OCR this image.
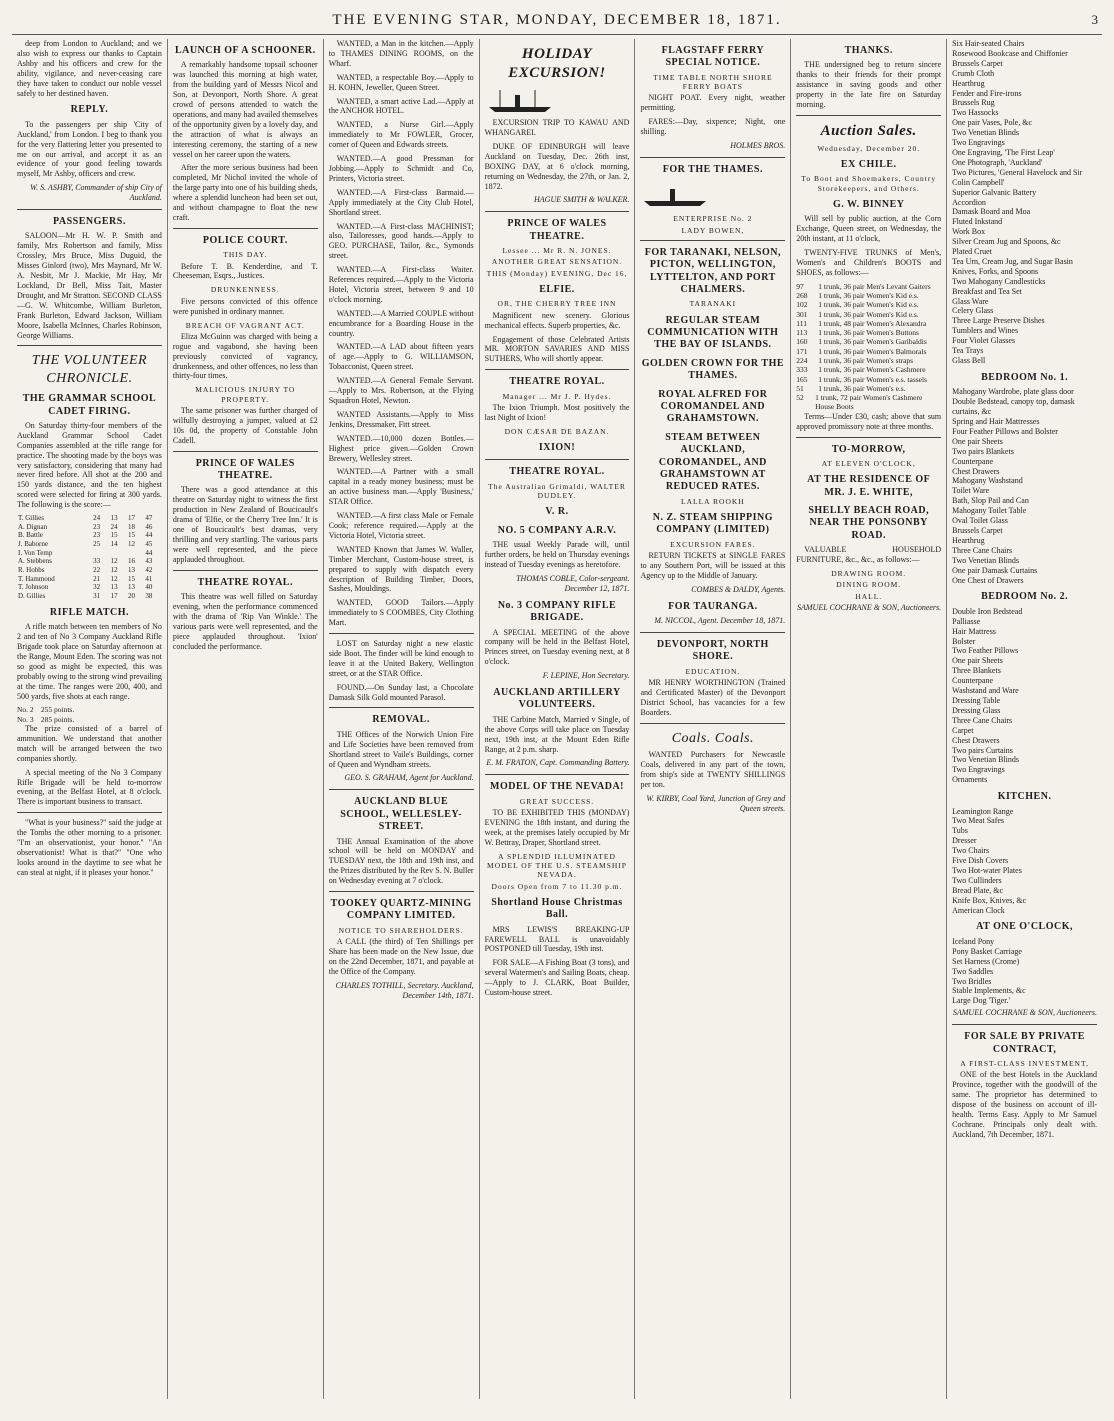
THE EVENING STAR, MONDAY, DECEMBER 18, 1871.	3
deep from London to Auckland; and we also wish to express our thanks to Captain Ashby and his officers and crew for the ability, vigilance, and never-ceasing care they have taken to conduct our noble vessel safely to her destined haven.
REPLY.
To the passengers per ship 'City of Auckland,' from London. I beg to thank you for the very flattering letter you presented to me on our arrival, and accept it as an evidence of your good feeling towards myself, Mr Ashby, officers and crew.
W. S. ASHBY, Commander of ship City of Auckland.
PASSENGERS.
SALOON—Mr H. W. P. Smith and family, Mrs Robertson and family, Miss Crossley, Mrs Bruce, Miss Duguid, the Misses Ginlord (two), Mrs Maynard, Mr W. A. Nesbit, Mr J. Mackie, Mr Hay, Mr Lockland, Dr Bell, Miss Tait, Master Drought, and Mr Stratton. SECOND CLASS—G. W. Whitcombe, William Burleton, Frank Burleton, Edward Jackson, William Moore, Isabella McInnes, Charles Robinson, George Williams.
THE VOLUNTEER CHRONICLE.
THE GRAMMAR SCHOOL CADET FIRING.
On Saturday thirty-four members of the Auckland Grammar School Cadet Companies assembled at the rifle range for practice. The shooting made by the boys was very satisfactory, considering that many had never fired before. All shot at the 200 and 150 yards distance, and the ten highest scored were selected for firing at 300 yards. The following is the score:—
T. Gillies	24	13	17	47
A. Dignan	23	24	18	46
B. Battle	23	15	15	44
J. Baborne	25	14	12	45
I. Von Temp				44
A. Stebbens	33	12	16	43
R. Hobbs	22	12	13	42
T. Hammond	21	12	15	41
T. Johnson	32	13	13	40
D. Gillies	31	17	20	38
RIFLE MATCH.
A rifle match between ten members of No 2 and ten of No 3 Company Auckland Rifle Brigade took place on Saturday afternoon at the Range, Mount Eden. The scoring was not so good as might be expected, this was probably owing to the strong wind prevailing at the time. The ranges were 200, 400, and 500 yards, five shots at each range.
No. 2
255 points.
No. 3
285 points.
The prize consisted of a barrel of ammunition. We understand that another match will be arranged between the two companies shortly.
A special meeting of the No 3 Company Rifle Brigade will be held to-morrow evening, at the Belfast Hotel, at 8 o'clock. There is important business to transact.
"What is your business?" said the judge at the Tombs the other morning to a prisoner. "I'm an observationist, your honor." "An observationist! What is that?" "One who looks around in the daytime to see what he can steal at night, if it pleases your honor."
LAUNCH OF A SCHOONER.
A remarkably handsome topsail schooner was launched this morning at high water, from the building yard of Messrs Nicol and Son, at Devonport, North Shore. A great crowd of persons attended to watch the operations, and many had availed themselves of the opportunity given by a lovely day, and the attraction of what is always an interesting ceremony, the starting of a new vessel on her career upon the waters.
After the more serious business had been completed, Mr Nichol invited the whole of the large party into one of his building sheds, where a splendid luncheon had been set out, and without champagne to float the new craft.
POLICE COURT.
THIS DAY.
Before T. B. Kenderdine, and T. Cheeseman, Esqrs., Justices.
DRUNKENNESS.
Five persons convicted of this offence were punished in ordinary manner.
BREACH OF VAGRANT ACT.
Eliza McGuinn was charged with being a rogue and vagabond, she having been previously convicted of vagrancy, drunkenness, and other offences, no less than thirty-four times.
MALICIOUS INJURY TO PROPERTY.
The same prisoner was further charged of wilfully destroying a jumper, valued at £2 10s 0d, the property of Constable John Cadell.
PRINCE OF WALES THEATRE.
There was a good attendance at this theatre on Saturday night to witness the first production in New Zealand of Boucicault's drama of 'Elfie, or the Cherry Tree Inn.' It is one of Boucicault's best dramas, very thrilling and very startling. The various parts were well represented, and the piece applauded throughout.
THEATRE ROYAL.
This theatre was well filled on Saturday evening, when the performance commenced with the drama of 'Rip Van Winkle.' The various parts were well represented, and the piece applauded throughout. 'Ixion' concluded the performance.
WANTED, a Man in the kitchen.—Apply to THAMES DINING ROOMS, on the Wharf.
WANTED, a respectable Boy.—Apply to H. KOHN, Jeweller, Queen Street.
WANTED, a smart active Lad.—Apply at the ANCHOR HOTEL.
WANTED, a Nurse Girl.—Apply immediately to Mr FOWLER, Grocer, corner of Queen and Edwards streets.
WANTED.—A good Pressman for Jobbing.—Apply to Schmidt and Co, Printers, Victoria street.
WANTED.—A First-class Barmaid.—Apply immediately at the City Club Hotel, Shortland street.
WANTED.—A First-class MACHINIST; also, Tailoresses, good hands.—Apply to GEO. PURCHASE, Tailor, &c., Symonds street.
WANTED.—A First-class Waiter. References required.—Apply to the Victoria Hotel, Victoria street, between 9 and 10 o'clock morning.
WANTED.—A Married COUPLE without encumbrance for a Boarding House in the country.
WANTED.—A LAD about fifteen years of age.—Apply to G. WILLIAMSON, Tobacconist, Queen street.
WANTED.—A General Female Servant.—Apply to Mrs. Robertson, at the Flying Squadron Hotel, Newton.
WANTED Assistants.—Apply to Miss Jenkins, Dressmaker, Fitt street.
WANTED.—10,000 dozen Bottles.—Highest price given.—Golden Crown Brewery, Wellesley street.
WANTED.—A Partner with a small capital in a ready money business; must be an active business man.—Apply 'Business,' STAR Office.
WANTED.—A first class Male or Female Cook; reference required.—Apply at the Victoria Hotel, Victoria street.
WANTED Known that James W. Waller, Timber Merchant, Custom-house street, is prepared to supply with dispatch every description of Building Timber, Doors, Sashes, Mouldings.
WANTED, GOOD Tailors.—Apply immediately to S COOMBES, City Clothing Mart.
LOST on Saturday night a new elastic side Boot. The finder will be kind enough to leave it at the United Bakery, Wellington street, or at the STAR Office.
FOUND.—On Sunday last, a Chocolate Damask Silk Gold mounted Parasol.
REMOVAL.
THE Offices of the Norwich Union Fire and Life Societies have been removed from Shortland street to Vaile's Buildings, corner of Queen and Wyndham streets.
GEO. S. GRAHAM, Agent for Auckland.
AUCKLAND BLUE SCHOOL, WELLESLEY-STREET.
THE Annual Examination of the above school will be held on MONDAY and TUESDAY next, the 18th and 19th inst, and the Prizes distributed by the Rev S. N. Buller on Wednesday evening at 7 o'clock.
TOOKEY QUARTZ-MINING COMPANY LIMITED.
NOTICE TO SHAREHOLDERS.
A CALL (the third) of Ten Shillings per Share has been made on the New Issue, due on the 22nd December, 1871, and payable at the Office of the Company.
CHARLES TOTHILL, Secretary. Auckland, December 14th, 1871.
HOLIDAY EXCURSION!
EXCURSION TRIP TO KAWAU AND WHANGAREI.
DUKE OF EDINBURGH will leave Auckland on Tuesday, Dec. 26th inst, BOXING DAY, at 6 o'clock morning, returning on Wednesday, the 27th, or Jan. 2, 1872.
HAGUE SMITH & WALKER.
PRINCE OF WALES THEATRE.
Lessee ... Mr R. N. JONES.
ANOTHER GREAT SENSATION.
THIS (Monday) EVENING, Dec 16,
ELFIE.
OR, THE CHERRY TREE INN
Magnificent new scenery. Glorious mechanical effects. Superb properties, &c.
Engagement of those Celebrated Artists MR. MORTON SAVARIES AND MISS SUTHERS, Who will shortly appear.
THEATRE ROYAL.
Manager ... Mr J. P. Hydes.
The Ixion Triumph. Most positively the last Night of Ixion!
DON CÆSAR DE BAZAN.
IXION!
THEATRE ROYAL.
The Australian Grimaldi, WALTER DUDLEY.
V. R.
NO. 5 COMPANY A.R.V.
THE usual Weekly Parade will, until further orders, be held on Thursday evenings instead of Tuesday evenings as heretofore.
THOMAS COBLE, Color-sergeant. December 12, 1871.
No. 3 COMPANY RIFLE BRIGADE.
A SPECIAL MEETING of the above company will be held in the Belfast Hotel, Princes street, on Tuesday evening next, at 8 o'clock.
F. LEPINE, Hon Secretary.
AUCKLAND ARTILLERY VOLUNTEERS.
THE Carbine Match, Married v Single, of the above Corps will take place on Tuesday next, 19th inst, at the Mount Eden Rifle Range, at 2 p.m. sharp.
E. M. FRATON, Capt. Commanding Battery.
MODEL OF THE NEVADA!
GREAT SUCCESS.
TO BE EXHIBITED THIS (MONDAY) EVENING the 18th instant, and during the week, at the premises lately occupied by Mr W. Bettray, Draper, Shortland street.
A SPLENDID ILLUMINATED MODEL OF THE U.S. STEAMSHIP NEVADA.
Doors Open from 7 to 11.30 p.m.
Shortland House Christmas Ball.
MRS LEWIS'S BREAKING-UP FAREWELL BALL is unavoidably POSTPONED till Tuesday, 19th inst.
FOR SALE—A Fishing Boat (3 tons), and several Watermen's and Sailing Boats, cheap.—Apply to J. CLARK, Boat Builder, Custom-house street.
FLAGSTAFF FERRY SPECIAL NOTICE.
TIME TABLE NORTH SHORE FERRY BOATS
NIGHT POAT. Every night, weather permitting.
FARES:—Day, sixpence; Night, one shilling.
HOLMES BROS.
FOR THE THAMES.
ENTERPRISE No. 2
LADY BOWEN,
FOR TARANAKI, NELSON, PICTON, WELLINGTON, LYTTELTON, AND PORT CHALMERS.
TARANAKI
REGULAR STEAM COMMUNICATION WITH THE BAY OF ISLANDS.
GOLDEN CROWN FOR THE THAMES.
ROYAL ALFRED FOR COROMANDEL AND GRAHAMSTOWN.
STEAM BETWEEN AUCKLAND, COROMANDEL, AND GRAHAMSTOWN AT REDUCED RATES.
LALLA ROOKH
N. Z. STEAM SHIPPING COMPANY (LIMITED)
EXCURSION FARES.
RETURN TICKETS at SINGLE FARES to any Southern Port, will be issued at this Agency up to the Middle of January.
COMBES & DALDY, Agents.
FOR TAURANGA.
M. NICCOL, Agent. December 18, 1871.
DEVONPORT, NORTH SHORE.
EDUCATION.
MR HENRY WORTHINGTON (Trained and Certificated Master) of the Devonport District School, has vacancies for a few Boarders.
Coals. Coals.
WANTED Purchasers for Newcastle Coals, delivered in any part of the town, from ship's side at TWENTY SHILLINGS per ton.
W. KIRBY, Coal Yard, Junction of Grey and Queen streets.
THANKS.
THE undersigned beg to return sincere thanks to their friends for their prompt assistance in saving goods and other property in the late fire on Saturday morning.
Auction Sales.
Wednesday, December 20.
EX CHILE.
To Boot and Shoemakers, Country Storekeepers, and Others.
G. W. BINNEY
Will sell by public auction, at the Corn Exchange, Queen street, on Wednesday, the 20th instant, at 11 o'clock,
TWENTY-FIVE TRUNKS of Men's, Women's and Children's BOOTS and SHOES, as follows:—
97	1 trunk, 36 pair Men's Levant Gaiters
268	1 trunk, 36 pair Women's Kid e.s.
102	1 trunk, 36 pair Women's Kid e.s.
301	1 trunk, 36 pair Women's Kid e.s.
111	1 trunk, 48 pair Women's Alexandra
113	1 trunk, 36 pair Women's Buttons
160	1 trunk, 36 pair Women's Garibaldis
171	1 trunk, 36 pair Women's Balmorals
224	1 trunk, 36 pair Women's straps
333	1 trunk, 36 pair Women's Cashmere
165	1 trunk, 36 pair Women's e.s. tassels
51	1 trunk, 36 pair Women's e.s.
52	1 trunk, 72 pair Women's Cashmere House Boots
Terms—Under £30, cash; above that sum approved promissory note at three months.
TO-MORROW,
AT ELEVEN O'CLOCK,
AT THE RESIDENCE OF MR. J. E. WHITE,
SHELLY BEACH ROAD, NEAR THE PONSONBY ROAD.
VALUABLE HOUSEHOLD FURNITURE, &c., &c., as follows:—
DRAWING ROOM.
DINING ROOM.
HALL.
SAMUEL COCHRANE & SON, Auctioneers.
Six Hair-seated Chairs
Rosewood Bookcase and Chiffonier
Brussels Carpet
Crumb Cloth
Hearthrug
Fender and Fire-irons
Brussels Rug
Two Hassocks
One pair Vases, Pole, &c
Two Venetian Blinds
Two Engravings
One Engraving, 'The First Leap'
One Photograph, 'Auckland'
Two Pictures, 'General Havelock and Sir Colin Campbell'
Superior Galvanic Battery
Accordion
Damask Board and Moa
Fluted Inkstand
Work Box
Silver Cream Jug and Spoons, &c
Plated Cruet
Tea Urn, Cream Jug, and Sugar Basin
Knives, Forks, and Spoons
Two Mahogany Candlesticks
Breakfast and Tea Set
Glass Ware
Celery Glass
Three Large Preserve Dishes
Tumblers and Wines
Four Violet Glasses
Tea Trays
Glass Bell
BEDROOM No. 1.
Mahogany Wardrobe, plate glass door
Double Bedstead, canopy top, damask curtains, &c
Spring and Hair Mattresses
Four Feather Pillows and Bolster
One pair Sheets
Two pairs Blankets
Counterpane
Chest Drawers
Mahogany Washstand
Toilet Ware
Bath, Slop Pail and Can
Mahogany Toilet Table
Oval Toilet Glass
Brussels Carpet
Hearthrug
Three Cane Chairs
Two Venetian Blinds
One pair Damask Curtains
One Chest of Drawers
BEDROOM No. 2.
Double Iron Bedstead
Palliasse
Hair Mattress
Bolster
Two Feather Pillows
One pair Sheets
Three Blankets
Counterpane
Washstand and Ware
Dressing Table
Dressing Glass
Three Cane Chairs
Carpet
Chest Drawers
Two pairs Curtains
Two Venetian Blinds
Two Engravings
Ornaments
KITCHEN.
Leamington Range
Two Meat Safes
Tubs
Dresser
Two Chairs
Five Dish Covers
Two Hot-water Plates
Two Cullinders
Bread Plate, &c
Knife Box, Knives, &c
American Clock
AT ONE O'CLOCK,
Iceland Pony
Pony Basket Carriage
Set Harness (Crome)
Two Saddles
Two Bridles
Stable Implements, &c
Large Dog 'Tiger.'
SAMUEL COCHRANE & SON, Auctioneers.
FOR SALE BY PRIVATE CONTRACT,
A FIRST-CLASS INVESTMENT,
ONE of the best Hotels in the Auckland Province, together with the goodwill of the same. The proprietor has determined to dispose of the business on account of ill-health. Terms Easy. Apply to Mr Samuel Cochrane. Principals only dealt with. Auckland, 7th December, 1871.
